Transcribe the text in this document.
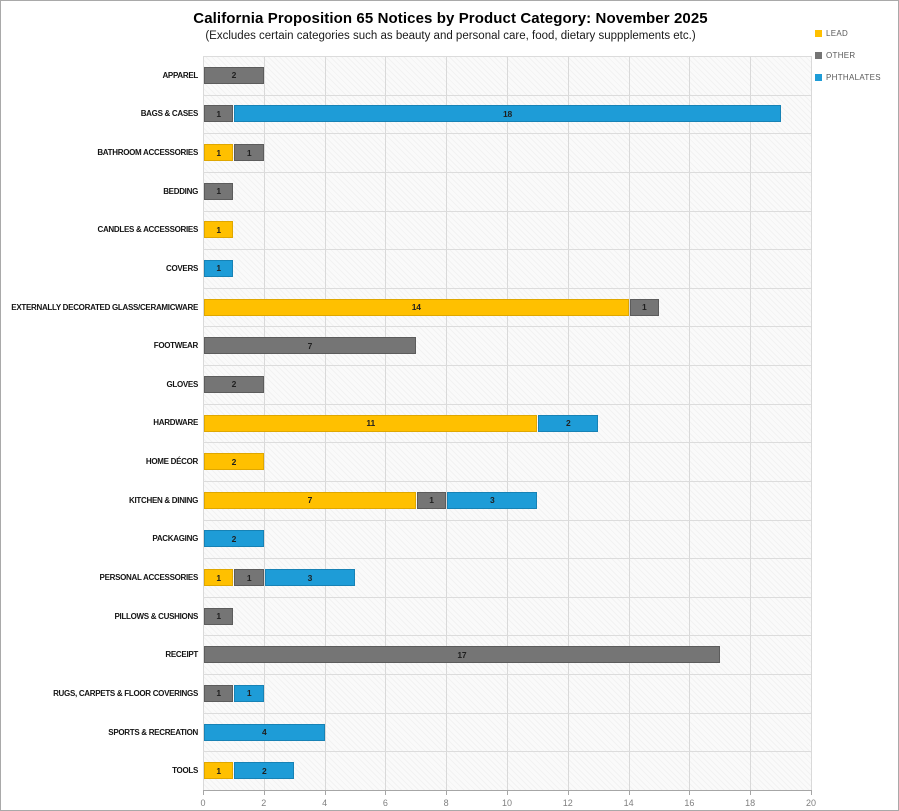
California Proposition 65 Notices by Product Category: November 2025
(Excludes certain categories such as beauty and personal care, food, dietary suppplements etc.)	LEAD
OTHER
PHTHALATES
0	2	4	6	8	10	12	14	16	18	20
APPAREL	2
BAGS & CASES 1	18
BATHROOM ACCESSORIES 1	1
BEDDING 1
CANDLES & ACCESSORIES 1
COVERS 1
EXTERNALLY DECORATED GLASS/CERAMICWARE	14	1
FOOTWEAR	7
GLOVES	2
HARDWARE	11	2
HOME DÉCOR	2
KITCHEN & DINING	7	1	3
PACKAGING	2
PERSONAL ACCESSORIES 1	1	3
PILLOWS & CUSHIONS 1
RECEIPT	17
RUGS, CARPETS & FLOOR COVERINGS 1	1
SPORTS & RECREATION	4
TOOLS 1	2
